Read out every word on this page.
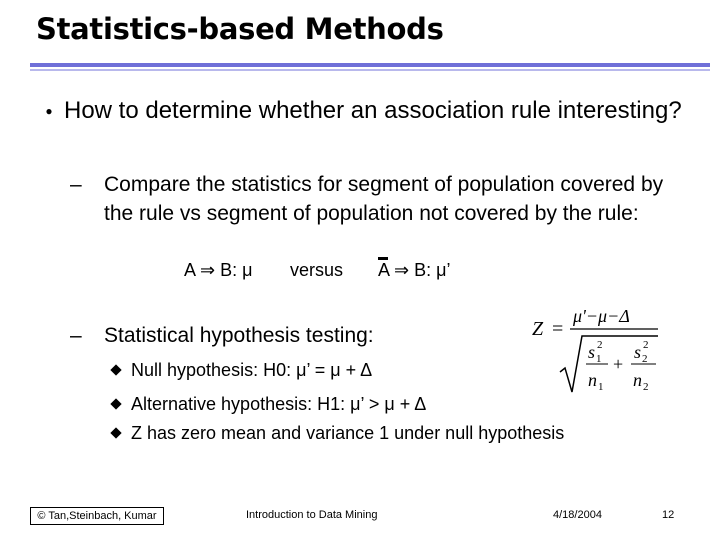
Statistics-based Methods
● How to determine whether an association rule interesting?
– Compare the statistics for segment of population covered by the rule vs segment of population not covered by the rule:
A ⇒ B: μ versus A ⇒ B: μ’
– Statistical hypothesis testing:
Null hypothesis: H0: μ’ = μ + Δ
Alternative hypothesis: H1: μ’ > μ + Δ
Z has zero mean and variance 1 under null hypothesis
Z =
μ'−μ−Δ
s 1
2
n 1
+
s 2
2
n 2
© Tan,Steinbach, Kumar	Introduction to Data Mining	4/18/2004	12
